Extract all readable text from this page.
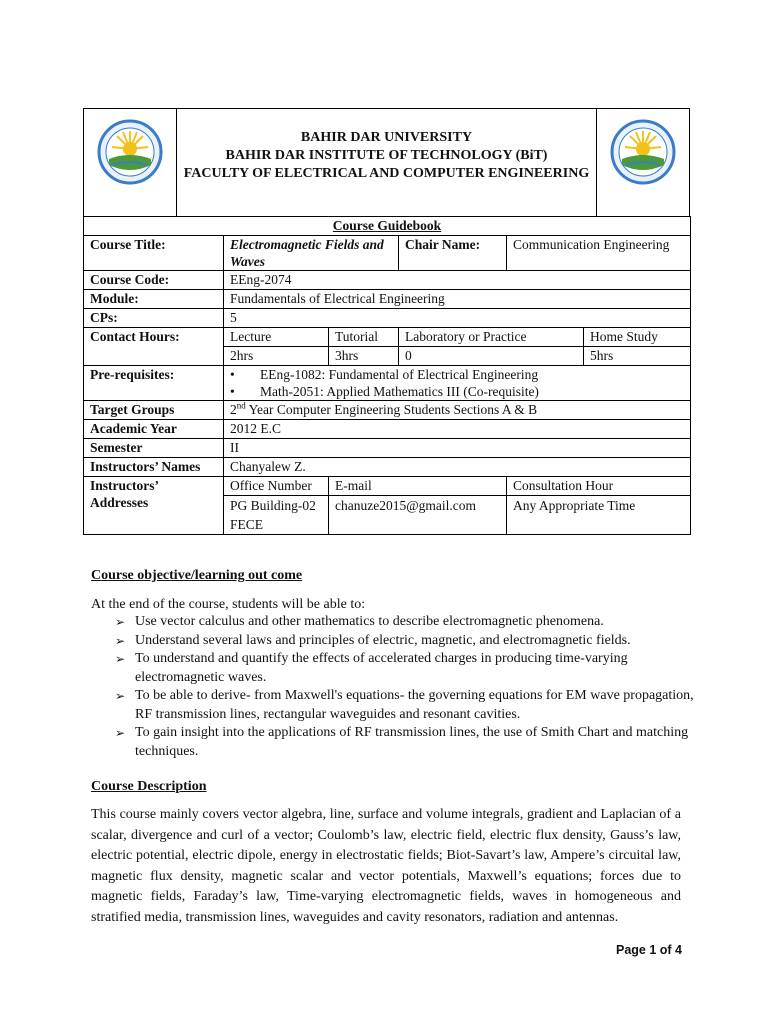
BAHIR DAR UNIVERSITY
BAHIR DAR INSTITUTE OF TECHNOLOGY (BiT)
FACULTY OF ELECTRICAL AND COMPUTER ENGINEERING
Course Guidebook					
Course Title:	Electromagnetic Fields and Waves		Chair Name:	Communication Engineering	
Course Code:	EEng-2074				
Module:	Fundamentals of Electrical Engineering				
CPs:	5				
Contact Hours:	Lecture	Tutorial	Laboratory or Practice		Home Study
	2hrs	3hrs	0		5hrs
Pre-requisites:	• EEng-1082: Fundamental of Electrical Engineering
• Math-2051: Applied Mathematics III (Co-requisite)

Target Groups	2nd Year Computer Engineering Students Sections A & B				
Academic Year	2012 E.C				
Semester	II				
Instructors’ Names	Chanyalew Z.				
Instructors’ Addresses	Office Number	E-mail		Consultation Hour	
	PG Building-02 FECE	chanuze2015@gmail.com		Any Appropriate Time	
Course objective/learning out come
At the end of the course, students will be able to:
➢ Use vector calculus and other mathematics to describe electromagnetic phenomena.
➢ Understand several laws and principles of electric, magnetic, and electromagnetic fields.
➢ To understand and quantify the effects of accelerated charges in producing time-varying electromagnetic waves.
➢ To be able to derive- from Maxwell's equations- the governing equations for EM wave propagation, RF transmission lines, rectangular waveguides and resonant cavities.
➢ To gain insight into the applications of RF transmission lines, the use of Smith Chart and matching techniques.
Course Description
This course mainly covers vector algebra, line, surface and volume integrals, gradient and Laplacian of a scalar, divergence and curl of a vector; Coulomb’s law, electric field, electric flux density, Gauss’s law, electric potential, electric dipole, energy in electrostatic fields; Biot-Savart’s law, Ampere’s circuital law, magnetic flux density, magnetic scalar and vector potentials, Maxwell’s equations; forces due to magnetic fields, Faraday’s law, Time-varying electromagnetic fields, waves in homogeneous and stratified media, transmission lines, waveguides and cavity resonators, radiation and antennas.
Page 1 of 4
